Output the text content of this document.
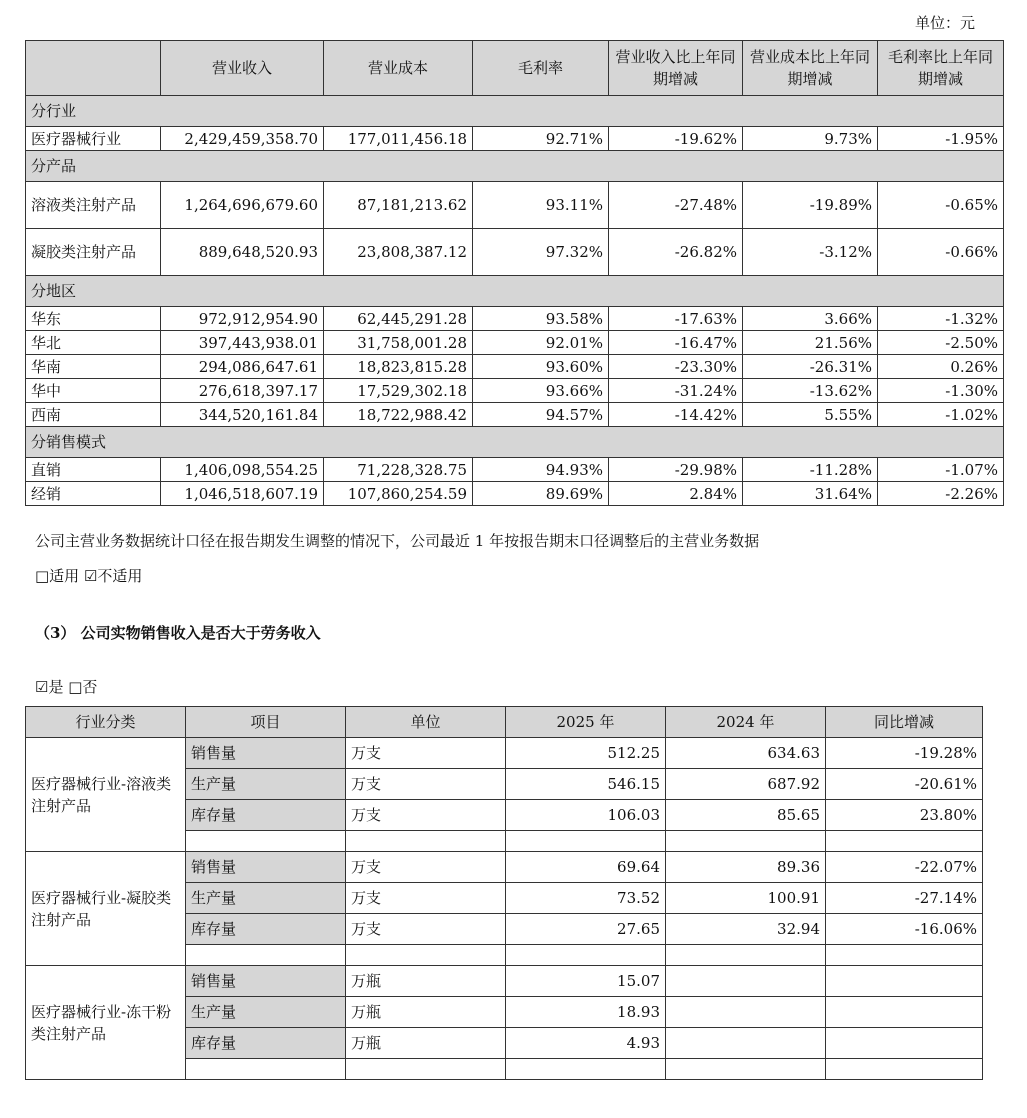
单位：元
	营业收入	营业成本	毛利率	营业收入比上年同期增减	营业成本比上年同期增减	毛利率比上年同期增减
分行业						
医疗器械行业	2,429,459,358.70	177,011,456.18	92.71%	-19.62%	9.73%	-1.95%
分产品						
溶液类注射产品	1,264,696,679.60	87,181,213.62	93.11%	-27.48%	-19.89%	-0.65%
凝胶类注射产品	889,648,520.93	23,808,387.12	97.32%	-26.82%	-3.12%	-0.66%
分地区						
华东	972,912,954.90	62,445,291.28	93.58%	-17.63%	3.66%	-1.32%
华北	397,443,938.01	31,758,001.28	92.01%	-16.47%	21.56%	-2.50%
华南	294,086,647.61	18,823,815.28	93.60%	-23.30%	-26.31%	0.26%
华中	276,618,397.17	17,529,302.18	93.66%	-31.24%	-13.62%	-1.30%
西南	344,520,161.84	18,722,988.42	94.57%	-14.42%	5.55%	-1.02%
分销售模式						
直销	1,406,098,554.25	71,228,328.75	94.93%	-29.98%	-11.28%	-1.07%
经销	1,046,518,607.19	107,860,254.59	89.69%	2.84%	31.64%	-2.26%
公司主营业务数据统计口径在报告期发生调整的情况下，公司最近 1 年按报告期末口径调整后的主营业务数据
□适用 ☑不适用
（3） 公司实物销售收入是否大于劳务收入
☑是 □否
行业分类	项目	单位	2025 年	2024 年	同比增减
医疗器械行业-溶液类注射产品	销售量	万支	512.25	634.63	-19.28%
	生产量	万支	546.15	687.92	-20.61%
	库存量	万支	106.03	85.65	23.80%

医疗器械行业-凝胶类注射产品	销售量	万支	69.64	89.36	-22.07%
	生产量	万支	73.52	100.91	-27.14%
	库存量	万支	27.65	32.94	-16.06%

医疗器械行业-冻干粉类注射产品	销售量	万瓶	15.07		
	生产量	万瓶	18.93		
	库存量	万瓶	4.93		
